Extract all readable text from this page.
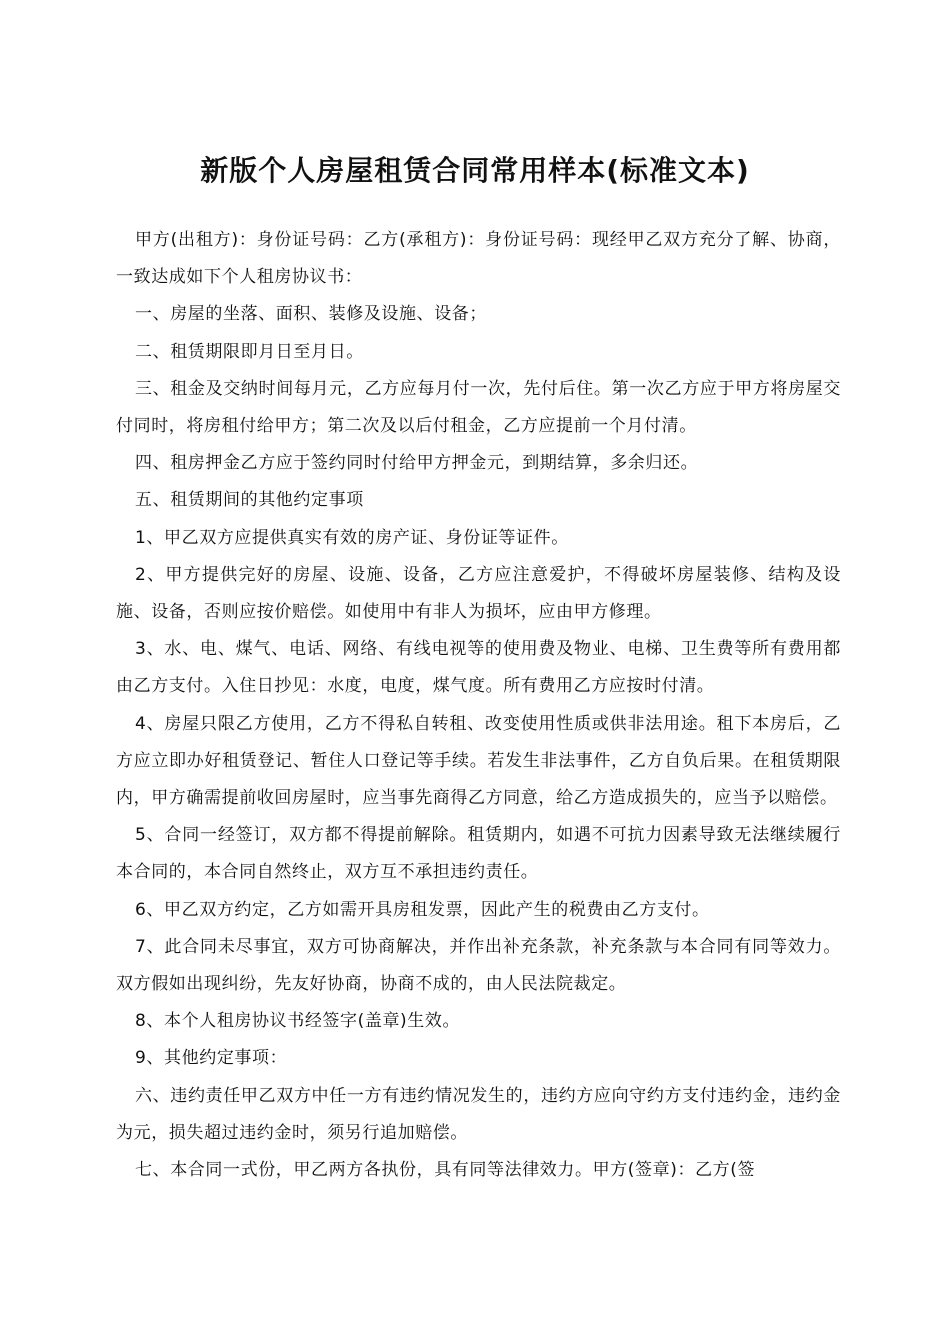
新版个人房屋租赁合同常用样本(标准文本)

甲方(出租方)：身份证号码：乙方(承租方)：身份证号码：现经甲乙双方充分了解、协商，一致达成如下个人租房协议书：

一、房屋的坐落、面积、装修及设施、设备；

二、租赁期限即月日至月日。

三、租金及交纳时间每月元，乙方应每月付一次，先付后住。第一次乙方应于甲方将房屋交付同时，将房租付给甲方；第二次及以后付租金，乙方应提前一个月付清。

四、租房押金乙方应于签约同时付给甲方押金元，到期结算，多余归还。

五、租赁期间的其他约定事项

1、甲乙双方应提供真实有效的房产证、身份证等证件。

2、甲方提供完好的房屋、设施、设备，乙方应注意爱护，不得破坏房屋装修、结构及设施、设备，否则应按价赔偿。如使用中有非人为损坏，应由甲方修理。

3、水、电、煤气、电话、网络、有线电视等的使用费及物业、电梯、卫生费等所有费用都由乙方支付。入住日抄见：水度，电度，煤气度。所有费用乙方应按时付清。

4、房屋只限乙方使用，乙方不得私自转租、改变使用性质或供非法用途。租下本房后，乙方应立即办好租赁登记、暂住人口登记等手续。若发生非法事件，乙方自负后果。在租赁期限内，甲方确需提前收回房屋时，应当事先商得乙方同意，给乙方造成损失的，应当予以赔偿。

5、合同一经签订，双方都不得提前解除。租赁期内，如遇不可抗力因素导致无法继续履行本合同的，本合同自然终止，双方互不承担违约责任。

6、甲乙双方约定，乙方如需开具房租发票，因此产生的税费由乙方支付。

7、此合同未尽事宜，双方可协商解决，并作出补充条款，补充条款与本合同有同等效力。双方假如出现纠纷，先友好协商，协商不成的，由人民法院裁定。

8、本个人租房协议书经签字(盖章)生效。

9、其他约定事项：

六、违约责任甲乙双方中任一方有违约情况发生的，违约方应向守约方支付违约金，违约金为元，损失超过违约金时，须另行追加赔偿。

七、本合同一式份，甲乙两方各执份，具有同等法律效力。甲方(签章)：乙方(签
